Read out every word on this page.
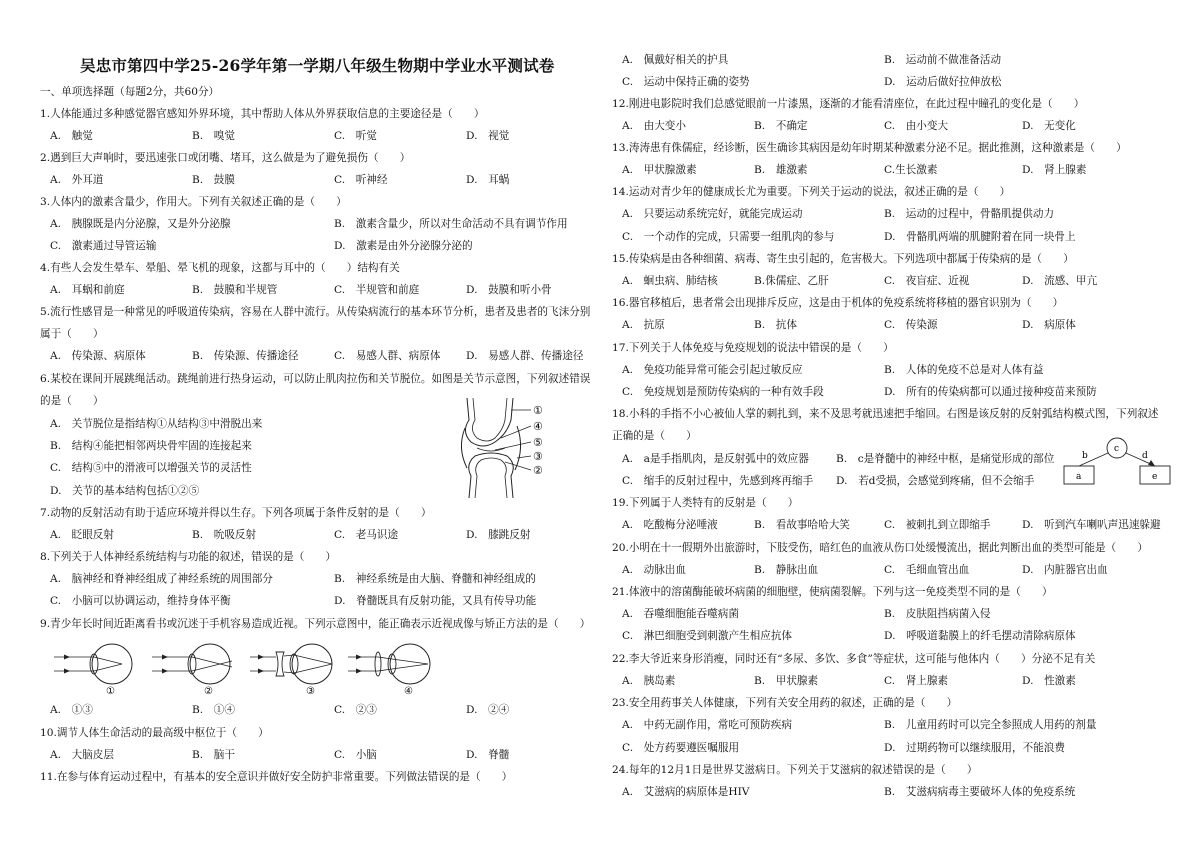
吴忠市第四中学25-26学年第一学期八年级生物期中学业水平测试卷
一、单项选择题（每题2分，共60分）
1.人体能通过多种感觉器官感知外界环境，其中帮助人体从外界获取信息的主要途径是（　　）
A.　触觉	B.　嗅觉	C.　听觉	D.　视觉
2.遇到巨大声响时，要迅速张口或闭嘴、堵耳，这么做是为了避免损伤（　　）
A.　外耳道	B.　鼓膜	C.　听神经	D.　耳蜗
3.人体内的激素含量少，作用大。下列有关叙述正确的是（　　）
A.　胰腺既是内分泌腺，又是外分泌腺	B.　激素含量少，所以对生命活动不具有调节作用
C.　激素通过导管运输	D.　激素是由外分泌腺分泌的
4.有些人会发生晕车、晕船、晕飞机的现象，这都与耳中的（　　）结构有关
A.　耳蜗和前庭	B.　鼓膜和半规管	C.　半规管和前庭	D.　鼓膜和听小骨
5.流行性感冒是一种常见的呼吸道传染病，容易在人群中流行。从传染病流行的基本环节分析，患者及患者的飞沫分别
属于（　　）
A.　传染源、病原体	B.　传染源、传播途径	C.　易感人群、病原体 D.　易感人群、传播途径
6.某校在课间开展跳绳活动。跳绳前进行热身运动，可以防止肌肉拉伤和关节脱位。如图是关节示意图，下列叙述错误
的是（　　）
A.　关节脱位是指结构①从结构③中滑脱出来
B.　结构④能把相邻两块骨牢固的连接起来
C.　结构⑤中的滑液可以增强关节的灵活性
D.　关节的基本结构包括①②⑤
①
④
⑤
③
②
7.动物的反射活动有助于适应环境并得以生存。下列各项属于条件反射的是（　　）
A.　眨眼反射	B.　吮吸反射	C.　老马识途	D.　膝跳反射
8.下列关于人体神经系统结构与功能的叙述，错误的是（　　）
A.　脑神经和脊神经组成了神经系统的周围部分	B.　神经系统是由大脑、脊髓和神经组成的
C.　小脑可以协调运动，维持身体平衡	D.　脊髓既具有反射功能，又具有传导功能
9.青少年长时间近距离看书或沉迷于手机容易造成近视。下列示意图中，能正确表示近视成像与矫正方法的是（　　）
①	②	③	④
A.　①③	B.　①④	C.　②③	D.　②④
10.调节人体生命活动的最高级中枢位于（　　）
A.　大脑皮层	B.　脑干	C.　小脑	D.　脊髓
11.在参与体育运动过程中，有基本的安全意识并做好安全防护非常重要。下列做法错误的是（　　）
A.　佩戴好相关的护具	B.　运动前不做准备活动
C.　运动中保持正确的姿势	D.　运动后做好拉伸放松
12.刚进电影院时我们总感觉眼前一片漆黑，逐渐的才能看清座位，在此过程中瞳孔的变化是（　　）
A.　由大变小	B.　不确定	C.　由小变大	D.　无变化
13.涛涛患有侏儒症，经诊断，医生确诊其病因是幼年时期某种激素分泌不足。据此推测，这种激素是（　　）
A.　甲状腺激素	B.　雄激素	C.生长激素	D.　肾上腺素
14.运动对青少年的健康成长尤为重要。下列关于运动的说法，叙述正确的是（　　）
A.　只要运动系统完好，就能完成运动	B.　运动的过程中，骨骼肌提供动力
C.　一个动作的完成，只需要一组肌肉的参与	D.　骨骼肌两端的肌腱附着在同一块骨上
15.传染病是由各种细菌、病毒、寄生虫引起的，危害极大。下列选项中都属于传染病的是（　　）
A.　蛔虫病、肺结核	B.侏儒症、乙肝	C.　夜盲症、近视	D.　流感、甲亢
16.器官移植后，患者常会出现排斥反应，这是由于机体的免疫系统将移植的器官识别为（　　）
A.　抗原	B.　抗体	C.　传染源	D.　病原体
17.下列关于人体免疫与免疫规划的说法中错误的是（　　）
A.　免疫功能异常可能会引起过敏反应	B.　人体的免疫不总是对人体有益
C.　免疫规划是预防传染病的一种有效手段	D.　所有的传染病都可以通过接种疫苗来预防
18.小科的手指不小心被仙人掌的刺扎到，来不及思考就迅速把手缩回。右图是该反射的反射弧结构模式图，下列叙述
正确的是（　　）
A.　a是手指肌肉，是反射弧中的效应器	B.　c是脊髓中的神经中枢，是痛觉形成的部位
C.　缩手的反射过程中，先感到疼再缩手 D.　若d受损，会感觉到疼痛，但不会缩手	a
b
c
d
e
19.下列属于人类特有的反射是（　　）
A.　吃酸梅分泌唾液	B.　看故事哈哈大笑	C.　被刺扎到立即缩手	D.　听到汽车喇叭声迅速躲避
20.小明在十一假期外出旅游时，下肢受伤，暗红色的血液从伤口处缓慢流出，据此判断出血的类型可能是（　　）
A.　动脉出血	B.　静脉出血	C.　毛细血管出血	D.　内脏器官出血
21.体液中的溶菌酶能破坏病菌的细胞壁，使病菌裂解。下列与这一免疫类型不同的是（　　）
A.　吞噬细胞能吞噬病菌	B.　皮肤阻挡病菌入侵
C.　淋巴细胞受到刺激产生相应抗体	D.　呼吸道黏膜上的纤毛摆动清除病原体
22.李大爷近来身形消瘦，同时还有“多尿、多饮、多食”等症状，这可能与他体内（　　）分泌不足有关
A.　胰岛素	B.　甲状腺素	C.　肾上腺素	D.　性激素
23.安全用药事关人体健康，下列有关安全用药的叙述，正确的是（　　）
A.　中药无副作用，常吃可预防疾病	B.　儿童用药时可以完全参照成人用药的剂量
C.　处方药要遵医嘱服用	D.　过期药物可以继续服用，不能浪费
24.每年的12月1日是世界艾滋病日。下列关于艾滋病的叙述错误的是（　　）
A.　艾滋病的病原体是HIV	B.　艾滋病病毒主要破坏人体的免疫系统
